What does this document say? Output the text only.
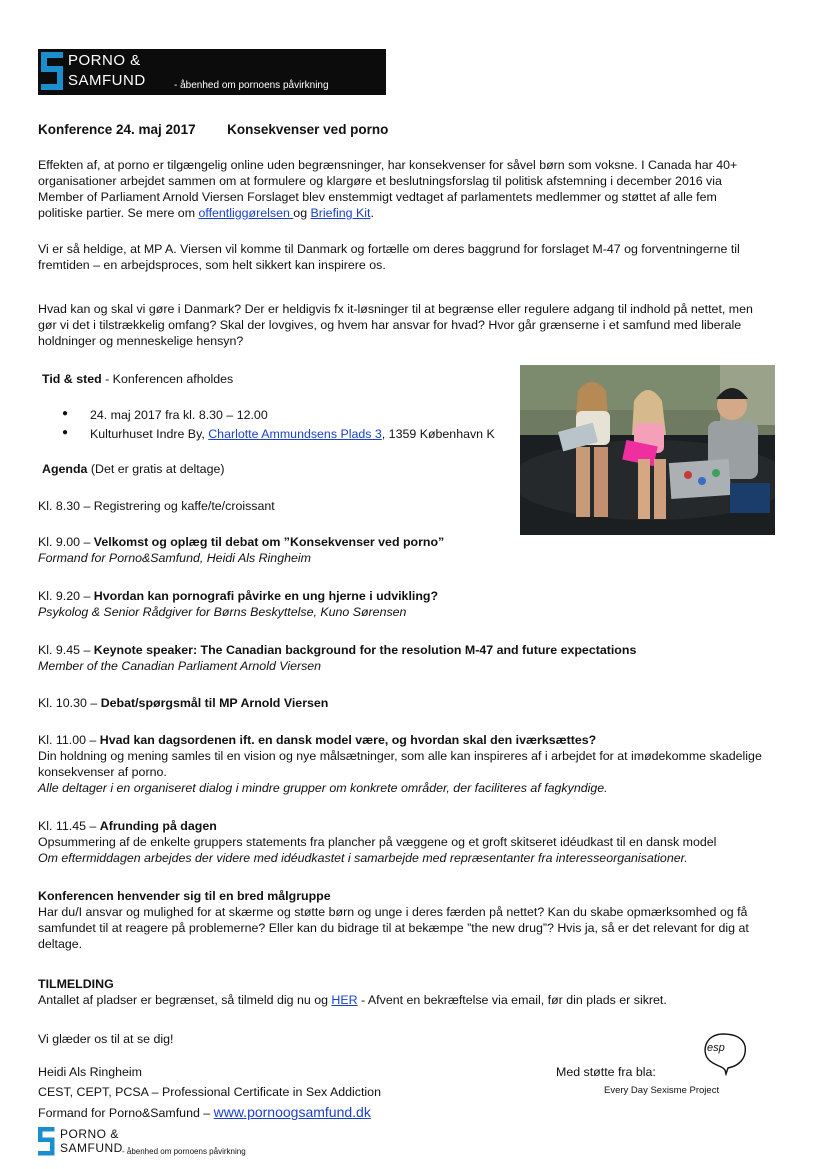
PORNO &
SAMFUND	- åbenhed om pornoens påvirkning
Konference 24. maj 2017 Konsekvenser ved porno
Effekten af, at porno er tilgængelig online uden begrænsninger, har konsekvenser for såvel børn som voksne. I Canada har 40+
organisationer arbejdet sammen om at formulere og klargøre et beslutningsforslag til politisk afstemning i december 2016 via
Member of Parliament Arnold Viersen Forslaget blev enstemmigt vedtaget af parlamentets medlemmer og støttet af alle fem
politiske partier. Se mere om offentliggørelsen og Briefing Kit.
Vi er så heldige, at MP A. Viersen vil komme til Danmark og fortælle om deres baggrund for forslaget M-47 og forventningerne til
fremtiden – en arbejdsproces, som helt sikkert kan inspirere os.
Hvad kan og skal vi gøre i Danmark? Der er heldigvis fx it-løsninger til at begrænse eller regulere adgang til indhold på nettet, men
gør vi det i tilstrækkelig omfang? Skal der lovgives, og hvem har ansvar for hvad? Hvor går grænserne i et samfund med liberale
holdninger og menneskelige hensyn?
Tid & sted - Konferencen afholdes
● 24. maj 2017 fra kl. 8.30 – 12.00
● Kulturhuset Indre By, Charlotte Ammundsens Plads 3, 1359 København K
Agenda (Det er gratis at deltage)
Kl. 8.30 – Registrering og kaffe/te/croissant
Kl. 9.00 – Velkomst og oplæg til debat om ”Konsekvenser ved porno”
Formand for Porno&Samfund, Heidi Als Ringheim
Kl. 9.20 – Hvordan kan pornografi påvirke en ung hjerne i udvikling?
Psykolog & Senior Rådgiver for Børns Beskyttelse, Kuno Sørensen
Kl. 9.45 – Keynote speaker: The Canadian background for the resolution M-47 and future expectations
Member of the Canadian Parliament Arnold Viersen
Kl. 10.30 – Debat/spørgsmål til MP Arnold Viersen
Kl. 11.00 – Hvad kan dagsordenen ift. en dansk model være, og hvordan skal den iværksættes?
Din holdning og mening samles til en vision og nye målsætninger, som alle kan inspireres af i arbejdet for at imødekomme skadelige
konsekvenser af porno.
Alle deltager i en organiseret dialog i mindre grupper om konkrete områder, der faciliteres af fagkyndige.
Kl. 11.45 – Afrunding på dagen
Opsummering af de enkelte gruppers statements fra plancher på væggene og et groft skitseret idéudkast til en dansk model
Om eftermiddagen arbejdes der videre med idéudkastet i samarbejde med repræsentanter fra interesseorganisationer.
Konferencen henvender sig til en bred målgruppe
Har du/I ansvar og mulighed for at skærme og støtte børn og unge i deres færden på nettet? Kan du skabe opmærksomhed og få
samfundet til at reagere på problemerne? Eller kan du bidrage til at bekæmpe ”the new drug”? Hvis ja, så er det relevant for dig at
deltage.
TILMELDING
Antallet af pladser er begrænset, så tilmeld dig nu og HER - Afvent en bekræftelse via email, før din plads er sikret.
Vi glæder os til at se dig!
Heidi Als Ringheim
CEST, CEPT, PCSA – Professional Certificate in Sex Addiction
Formand for Porno&Samfund – www.pornoogsamfund.dk
Med støtte fra bla:
Every Day Sexisme Project
esp
PORNO &
SAMFUND - åbenhed om pornoens påvirkning
